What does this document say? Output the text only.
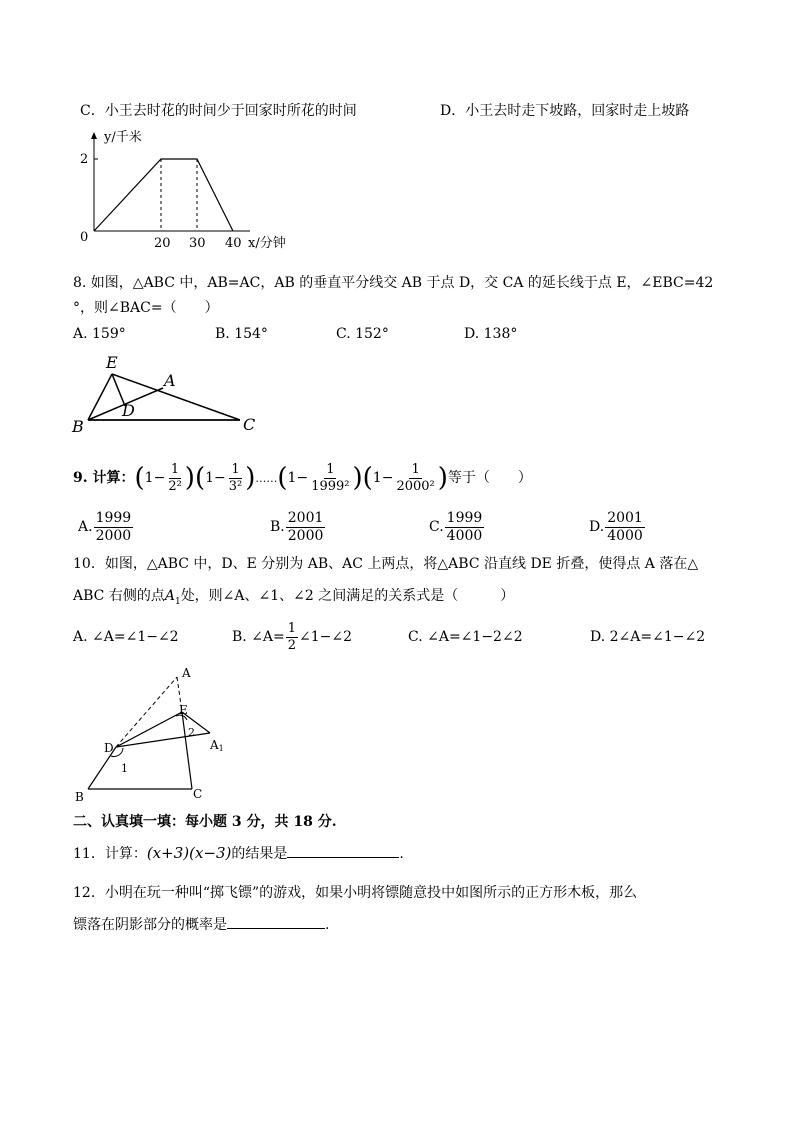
C．小王去时花的时间少于回家时所花的时间	D．小王去时走下坡路，回家时走上坡路
y/千米
x/分钟
0
2
20 30 40
8. 如图，△ABC 中，AB=AC，AB 的垂直平分线交 AB 于点 D，交 CA 的延长线于点 E，∠EBC=42
°，则∠BAC=（　　）
A. 159°	B. 154°	C. 152°	D. 138°
E
A
B
D
C
9. 计算： ( $1 - \frac{1}{\text{2²}}$ )( $1 - \frac{1}{\text{3²}}$ ) …… ( $1 - \frac{1}{\text{1999²}}$ )( $1 - \frac{1}{\text{2000²}}$ ) 等于（　　）
A. $\frac{1999}{2000}$	B. $\frac{2001}{2000}$	C. $\frac{1999}{4000}$	D. $\frac{2001}{4000}$
10．如图，△ABC 中，D、E 分别为 AB、AC 上两点，将△ABC 沿直线 DE 折叠，使得点 A 落在△
ABC 右侧的点$A_1$处，则∠A、∠1、∠2 之间满足的关系式是（　　　）
A. ∠A=∠1−∠2	B. ∠A= $\frac{1}{2}$ ∠1−∠2	C. ∠A=∠1−2∠2	D. 2∠A=∠1−∠2
A
E
2
A1
D
1
B	C
二、认真填一填：每小题 3 分，共 18 分.
11．计算：(x+3)(x−3)的结果是	.
12．小明在玩一种叫“掷飞镖”的游戏，如果小明将镖随意投中如图所示的正方形木板，那么
镖落在阴影部分的概率是	.
